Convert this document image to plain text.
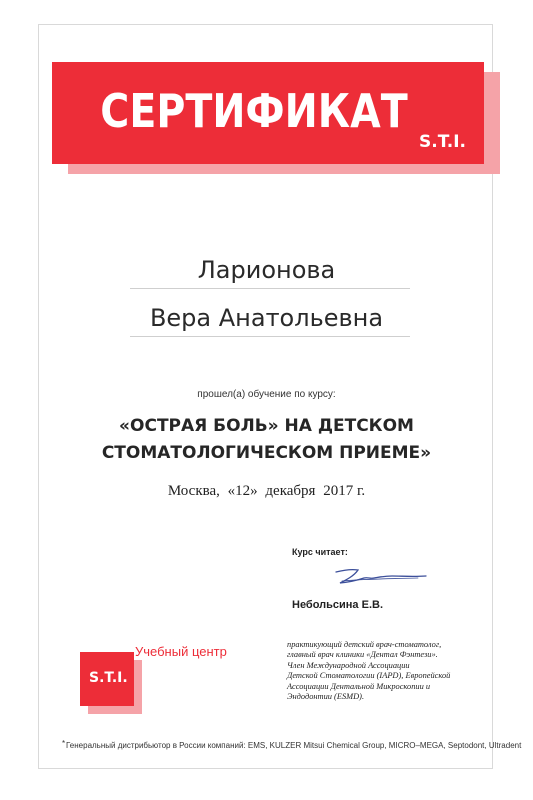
СЕРТИФИКАТ
S.T.I.
Ларионова
Вера Анатольевна
прошел(а) обучение по курсу:
«ОСТРАЯ БОЛЬ» НА ДЕТСКОМ
СТОМАТОЛОГИЧЕСКОМ ПРИЕМЕ»
Москва, «12» декабря 2017 г.
Курс читает:
Небольсина Е.В.
S.T.I.
Учебный центр	практикующий детский врач-стоматолог,
главный врач клиники «Дентал Фэнтези».
Член Международной Ассоциации
Детской Стоматологии (IAPD), Европейской
Ассоциации Дентальной Микроскопии и
Эндодонтии (ESMD).
* Генеральный дистрибьютор в России компаний: EMS, KULZER Mitsui Chemical Group, MICRO–MEGA, Septodont, Ultradent
